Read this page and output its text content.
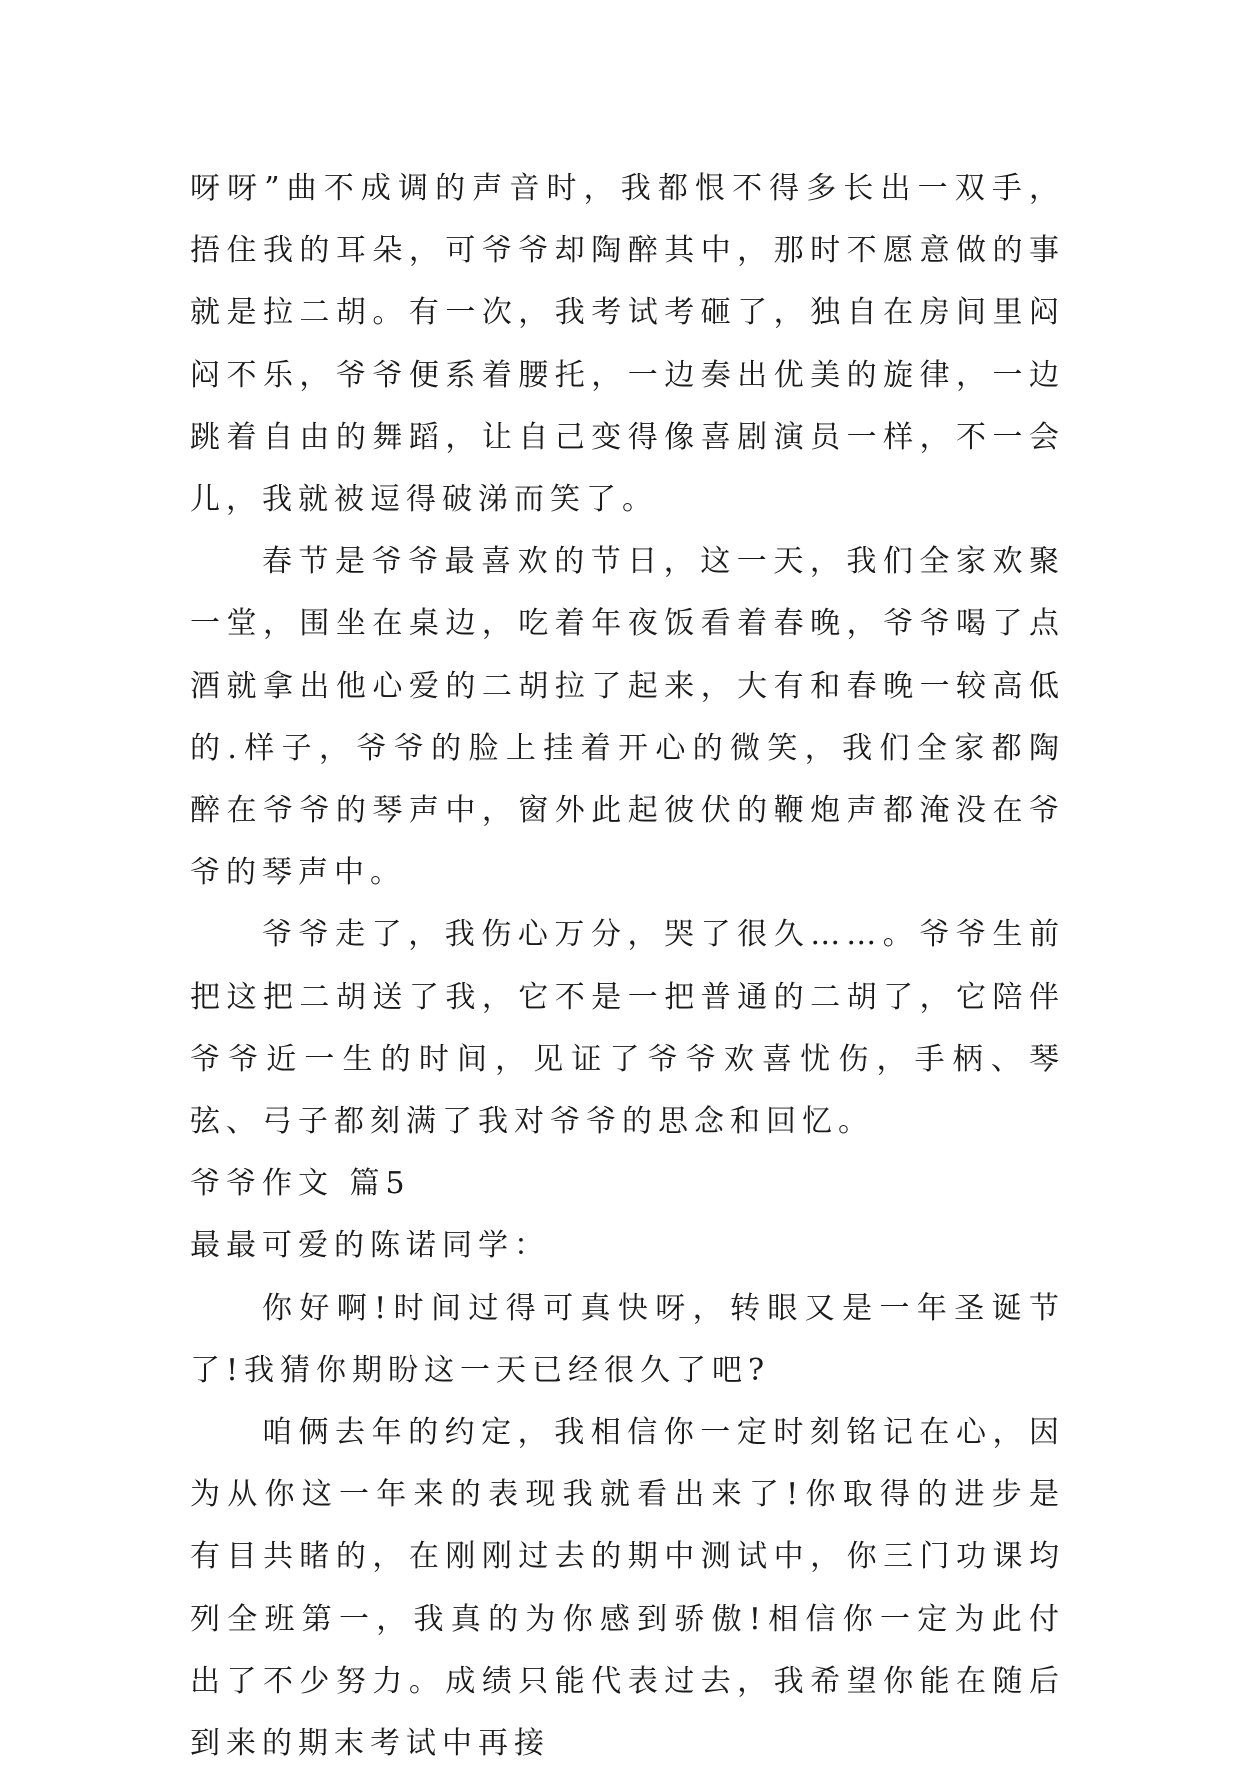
呀呀”曲不成调的声音时，我都恨不得多长出一双手，捂住我的耳朵，可爷爷却陶醉其中，那时不愿意做的事就是拉二胡。有一次，我考试考砸了，独自在房间里闷闷不乐，爷爷便系着腰托，一边奏出优美的旋律，一边跳着自由的舞蹈，让自己变得像喜剧演员一样，不一会儿，我就被逗得破涕而笑了。

春节是爷爷最喜欢的节日，这一天，我们全家欢聚一堂，围坐在桌边，吃着年夜饭看着春晚，爷爷喝了点酒就拿出他心爱的二胡拉了起来，大有和春晚一较高低的.样子，爷爷的脸上挂着开心的微笑，我们全家都陶醉在爷爷的琴声中，窗外此起彼伏的鞭炮声都淹没在爷爷的琴声中。

爷爷走了，我伤心万分，哭了很久……。爷爷生前把这把二胡送了我，它不是一把普通的二胡了，它陪伴爷爷近一生的时间，见证了爷爷欢喜忧伤，手柄、琴弦、弓子都刻满了我对爷爷的思念和回忆。

爷爷作文 篇5

最最可爱的陈诺同学：

你好啊!时间过得可真快呀，转眼又是一年圣诞节了!我猜你期盼这一天已经很久了吧?

咱俩去年的约定，我相信你一定时刻铭记在心，因为从你这一年来的表现我就看出来了!你取得的进步是有目共睹的，在刚刚过去的期中测试中，你三门功课均列全班第一，我真的为你感到骄傲!相信你一定为此付出了不少努力。成绩只能代表过去，我希望你能在随后到来的期末考试中再接
